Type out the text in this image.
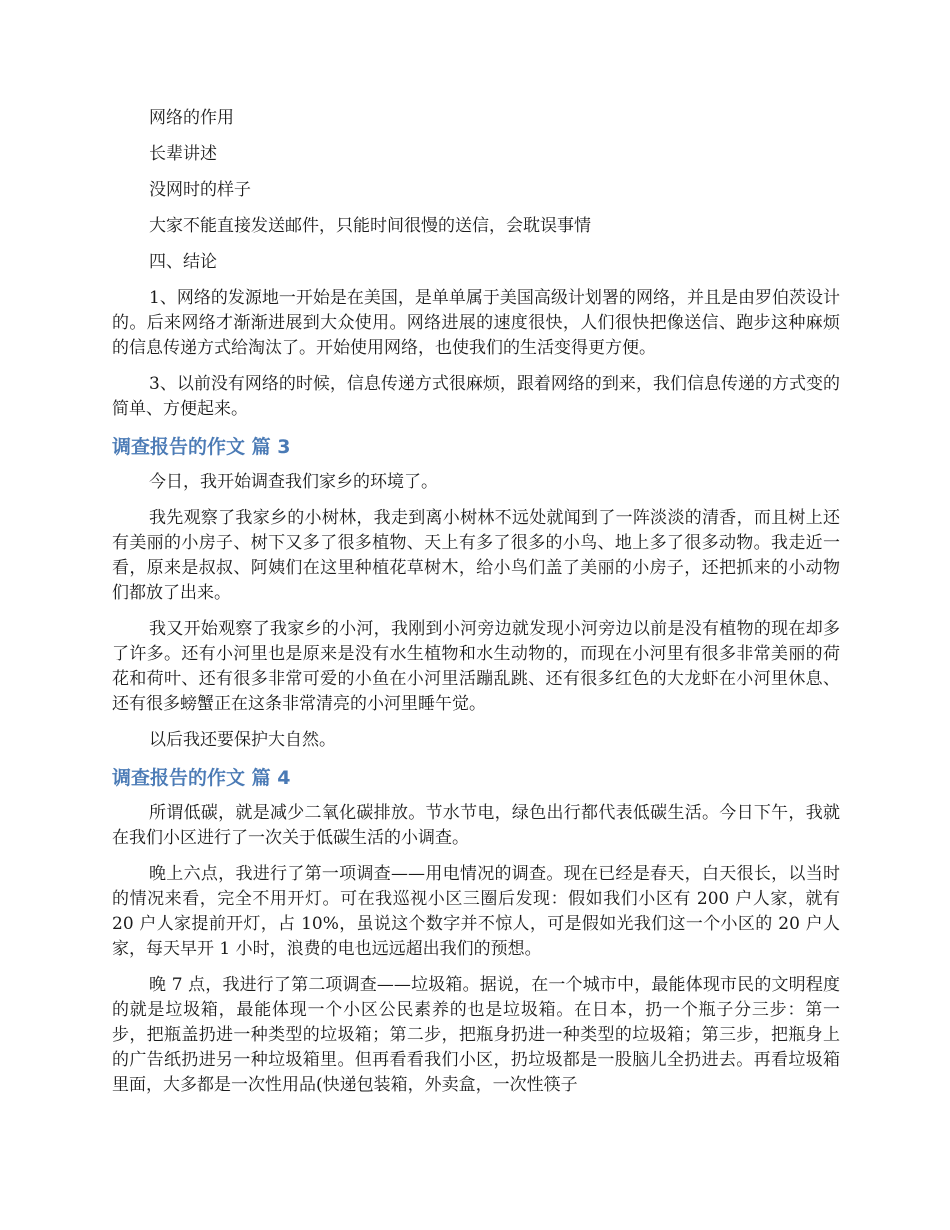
网络的作用

长辈讲述

没网时的样子

大家不能直接发送邮件，只能时间很慢的送信，会耽误事情

四、结论

1、网络的发源地一开始是在美国，是单单属于美国高级计划署的网络，并且是由罗伯茨设计的。后来网络才渐渐进展到大众使用。网络进展的速度很快，人们很快把像送信、跑步这种麻烦的信息传递方式给淘汰了。开始使用网络，也使我们的生活变得更方便。

3、以前没有网络的时候，信息传递方式很麻烦，跟着网络的到来，我们信息传递的方式变的简单、方便起来。

调查报告的作文 篇 3

今日，我开始调查我们家乡的环境了。

我先观察了我家乡的小树林，我走到离小树林不远处就闻到了一阵淡淡的清香，而且树上还有美丽的小房子、树下又多了很多植物、天上有多了很多的小鸟、地上多了很多动物。我走近一看，原来是叔叔、阿姨们在这里种植花草树木，给小鸟们盖了美丽的小房子，还把抓来的小动物们都放了出来。

我又开始观察了我家乡的小河，我刚到小河旁边就发现小河旁边以前是没有植物的现在却多了许多。还有小河里也是原来是没有水生植物和水生动物的，而现在小河里有很多非常美丽的荷花和荷叶、还有很多非常可爱的小鱼在小河里活蹦乱跳、还有很多红色的大龙虾在小河里休息、还有很多螃蟹正在这条非常清亮的小河里睡午觉。

以后我还要保护大自然。

调查报告的作文 篇 4

所谓低碳，就是减少二氧化碳排放。节水节电，绿色出行都代表低碳生活。今日下午，我就在我们小区进行了一次关于低碳生活的小调查。

晚上六点，我进行了第一项调查——用电情况的调查。现在已经是春天，白天很长，以当时的情况来看，完全不用开灯。可在我巡视小区三圈后发现：假如我们小区有 200 户人家，就有 20 户人家提前开灯，占 10%，虽说这个数字并不惊人，可是假如光我们这一个小区的 20 户人家，每天早开 1 小时，浪费的电也远远超出我们的预想。

晚 7 点，我进行了第二项调查——垃圾箱。据说，在一个城市中，最能体现市民的文明程度的就是垃圾箱，最能体现一个小区公民素养的也是垃圾箱。在日本，扔一个瓶子分三步：第一步，把瓶盖扔进一种类型的垃圾箱；第二步，把瓶身扔进一种类型的垃圾箱；第三步，把瓶身上的广告纸扔进另一种垃圾箱里。但再看看我们小区，扔垃圾都是一股脑儿全扔进去。再看垃圾箱里面，大多都是一次性用品(快递包装箱，外卖盒，一次性筷子
